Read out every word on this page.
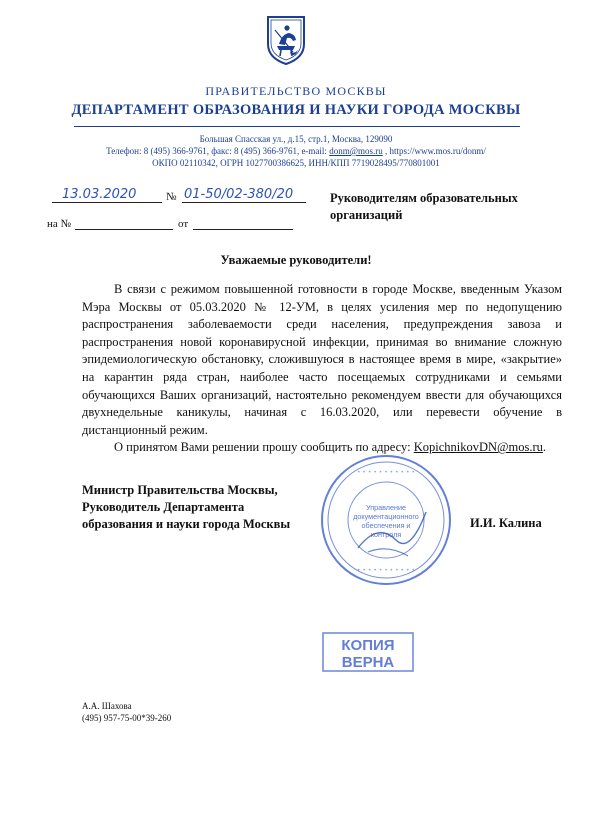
ПРАВИТЕЛЬСТВО МОСКВЫ
ДЕПАРТАМЕНТ ОБРАЗОВАНИЯ И НАУКИ ГОРОДА МОСКВЫ
Большая Спасская ул., д.15, стр.1, Москва, 129090
Телефон: 8 (495) 366-9761, факс: 8 (495) 366-9761, e-mail: donm@mos.ru , https://www.mos.ru/donm/
ОКПО 02110342, ОГРН 1027700386625, ИНН/КПП 7719028495/770801001
13.03.2020	№ 01-50/02-380/20
на №	от
Руководителям образовательных организаций
Уважаемые руководители!

В связи с режимом повышенной готовности в городе Москве, введенным Указом Мэра Москвы от 05.03.2020 № 12-УМ, в целях усиления мер по недопущению распространения заболеваемости среди населения, предупреждения завоза и распространения новой коронавирусной инфекции, принимая во внимание сложную эпидемиологическую обстановку, сложившуюся в настоящее время в мире, «закрытие» на карантин ряда стран, наиболее часто посещаемых сотрудниками и семьями обучающихся Ваших организаций, настоятельно рекомендуем ввести для обучающихся двухнедельные каникулы, начиная с 16.03.2020, или перевести обучение в дистанционный режим.

О принятом Вами решении прошу сообщить по адресу: KopichnikovDN@mos.ru.

Министр Правительства Москвы,
Руководитель Департамента
образования и науки города Москвы
• • • • • • • • • • •
• • • • • • • • • • •
Управление
документационного
обеспечения и
контроля
И.И. Калина
КОПИЯ
ВЕРНА
А.А. Шахова
(495) 957-75-00*39-260
